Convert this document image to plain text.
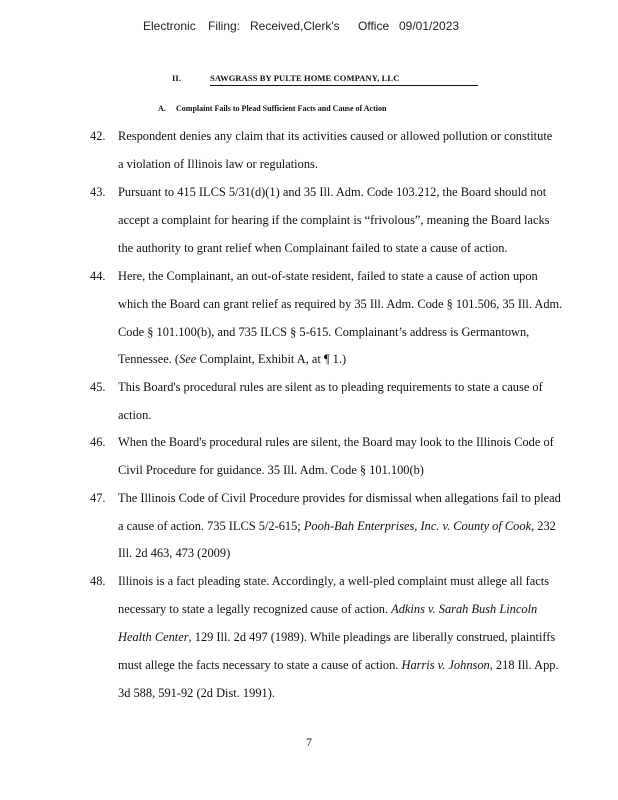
Electronic Filing: Received,Clerk's Office 09/01/2023
II.	SAWGRASS BY PULTE HOME COMPANY, LLC
A. Complaint Fails to Plead Sufficient Facts and Cause of Action
42. Respondent denies any claim that its activities caused or allowed pollution or constitute
a violation of Illinois law or regulations.
43. Pursuant to 415 ILCS 5/31(d)(1) and 35 Ill. Adm. Code 103.212, the Board should not
accept a complaint for hearing if the complaint is “frivolous”, meaning the Board lacks
the authority to grant relief when Complainant failed to state a cause of action.
44. Here, the Complainant, an out-of-state resident, failed to state a cause of action upon
which the Board can grant relief as required by 35 Ill. Adm. Code § 101.506, 35 Ill. Adm.
Code § 101.100(b), and 735 ILCS § 5-615. Complainant’s address is Germantown,
Tennessee. (See Complaint, Exhibit A, at ¶ 1.)
45. This Board's procedural rules are silent as to pleading requirements to state a cause of
action.
46. When the Board's procedural rules are silent, the Board may look to the Illinois Code of
Civil Procedure for guidance. 35 Ill. Adm. Code § 101.100(b)
47. The Illinois Code of Civil Procedure provides for dismissal when allegations fail to plead
a cause of action. 735 ILCS 5/2-615; Pooh-Bah Enterprises, Inc. v. County of Cook, 232
Ill. 2d 463, 473 (2009)
48. Illinois is a fact pleading state. Accordingly, a well-pled complaint must allege all facts
necessary to state a legally recognized cause of action. Adkins v. Sarah Bush Lincoln
Health Center, 129 Ill. 2d 497 (1989). While pleadings are liberally construed, plaintiffs
must allege the facts necessary to state a cause of action. Harris v. Johnson, 218 Ill. App.
3d 588, 591-92 (2d Dist. 1991).
7
